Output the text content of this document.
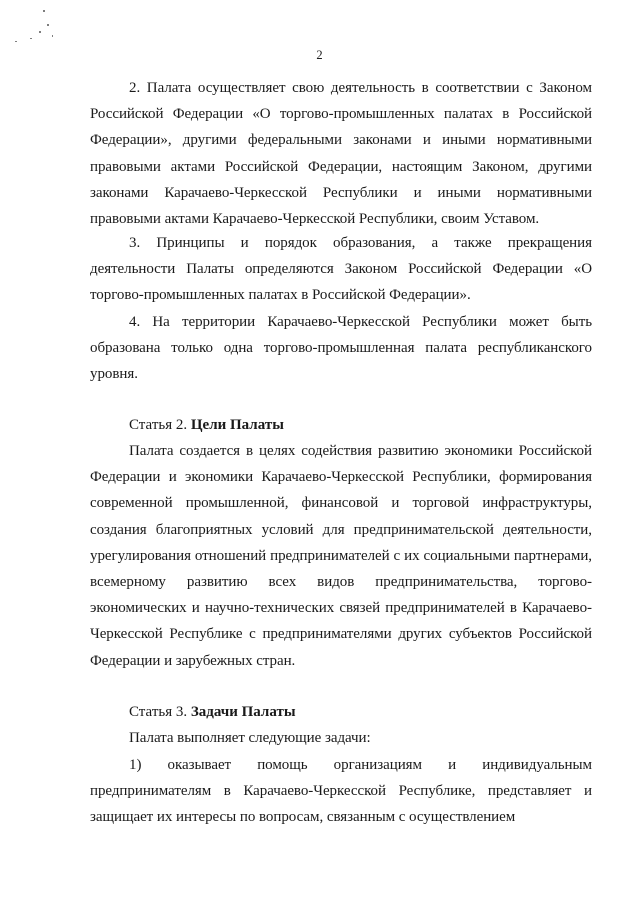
2

2. Палата осуществляет свою деятельность в соответствии с Законом Российской Федерации «О торгово-промышленных палатах в Российской Федерации», другими федеральными законами и иными нормативными правовыми актами Российской Федерации, настоящим Законом, другими законами Карачаево-Черкесской Республики и иными нормативными правовыми актами Карачаево-Черкесской Республики, своим Уставом.

3. Принципы и порядок образования, а также прекращения деятельности Палаты определяются Законом Российской Федерации «О торгово-промышленных палатах в Российской Федерации».

4. На территории Карачаево-Черкесской Республики может быть образована только одна торгово-промышленная палата республиканского уровня.

Статья 2. Цели Палаты

Палата создается в целях содействия развитию экономики Российской Федерации и экономики Карачаево-Черкесской Республики, формирования современной промышленной, финансовой и торговой инфраструктуры, создания благоприятных условий для предпринимательской деятельности, урегулирования отношений предпринимателей с их социальными партнерами, всемерному развитию всех видов предпринимательства, торгово-экономических и научно-технических связей предпринимателей в Карачаево-Черкесской Республике с предпринимателями других субъектов Российской Федерации и зарубежных стран.

Статья 3. Задачи Палаты

Палата выполняет следующие задачи:

1) оказывает помощь организациям и индивидуальным предпринимателям в Карачаево-Черкесской Республике, представляет и защищает их интересы по вопросам, связанным с осуществлением
